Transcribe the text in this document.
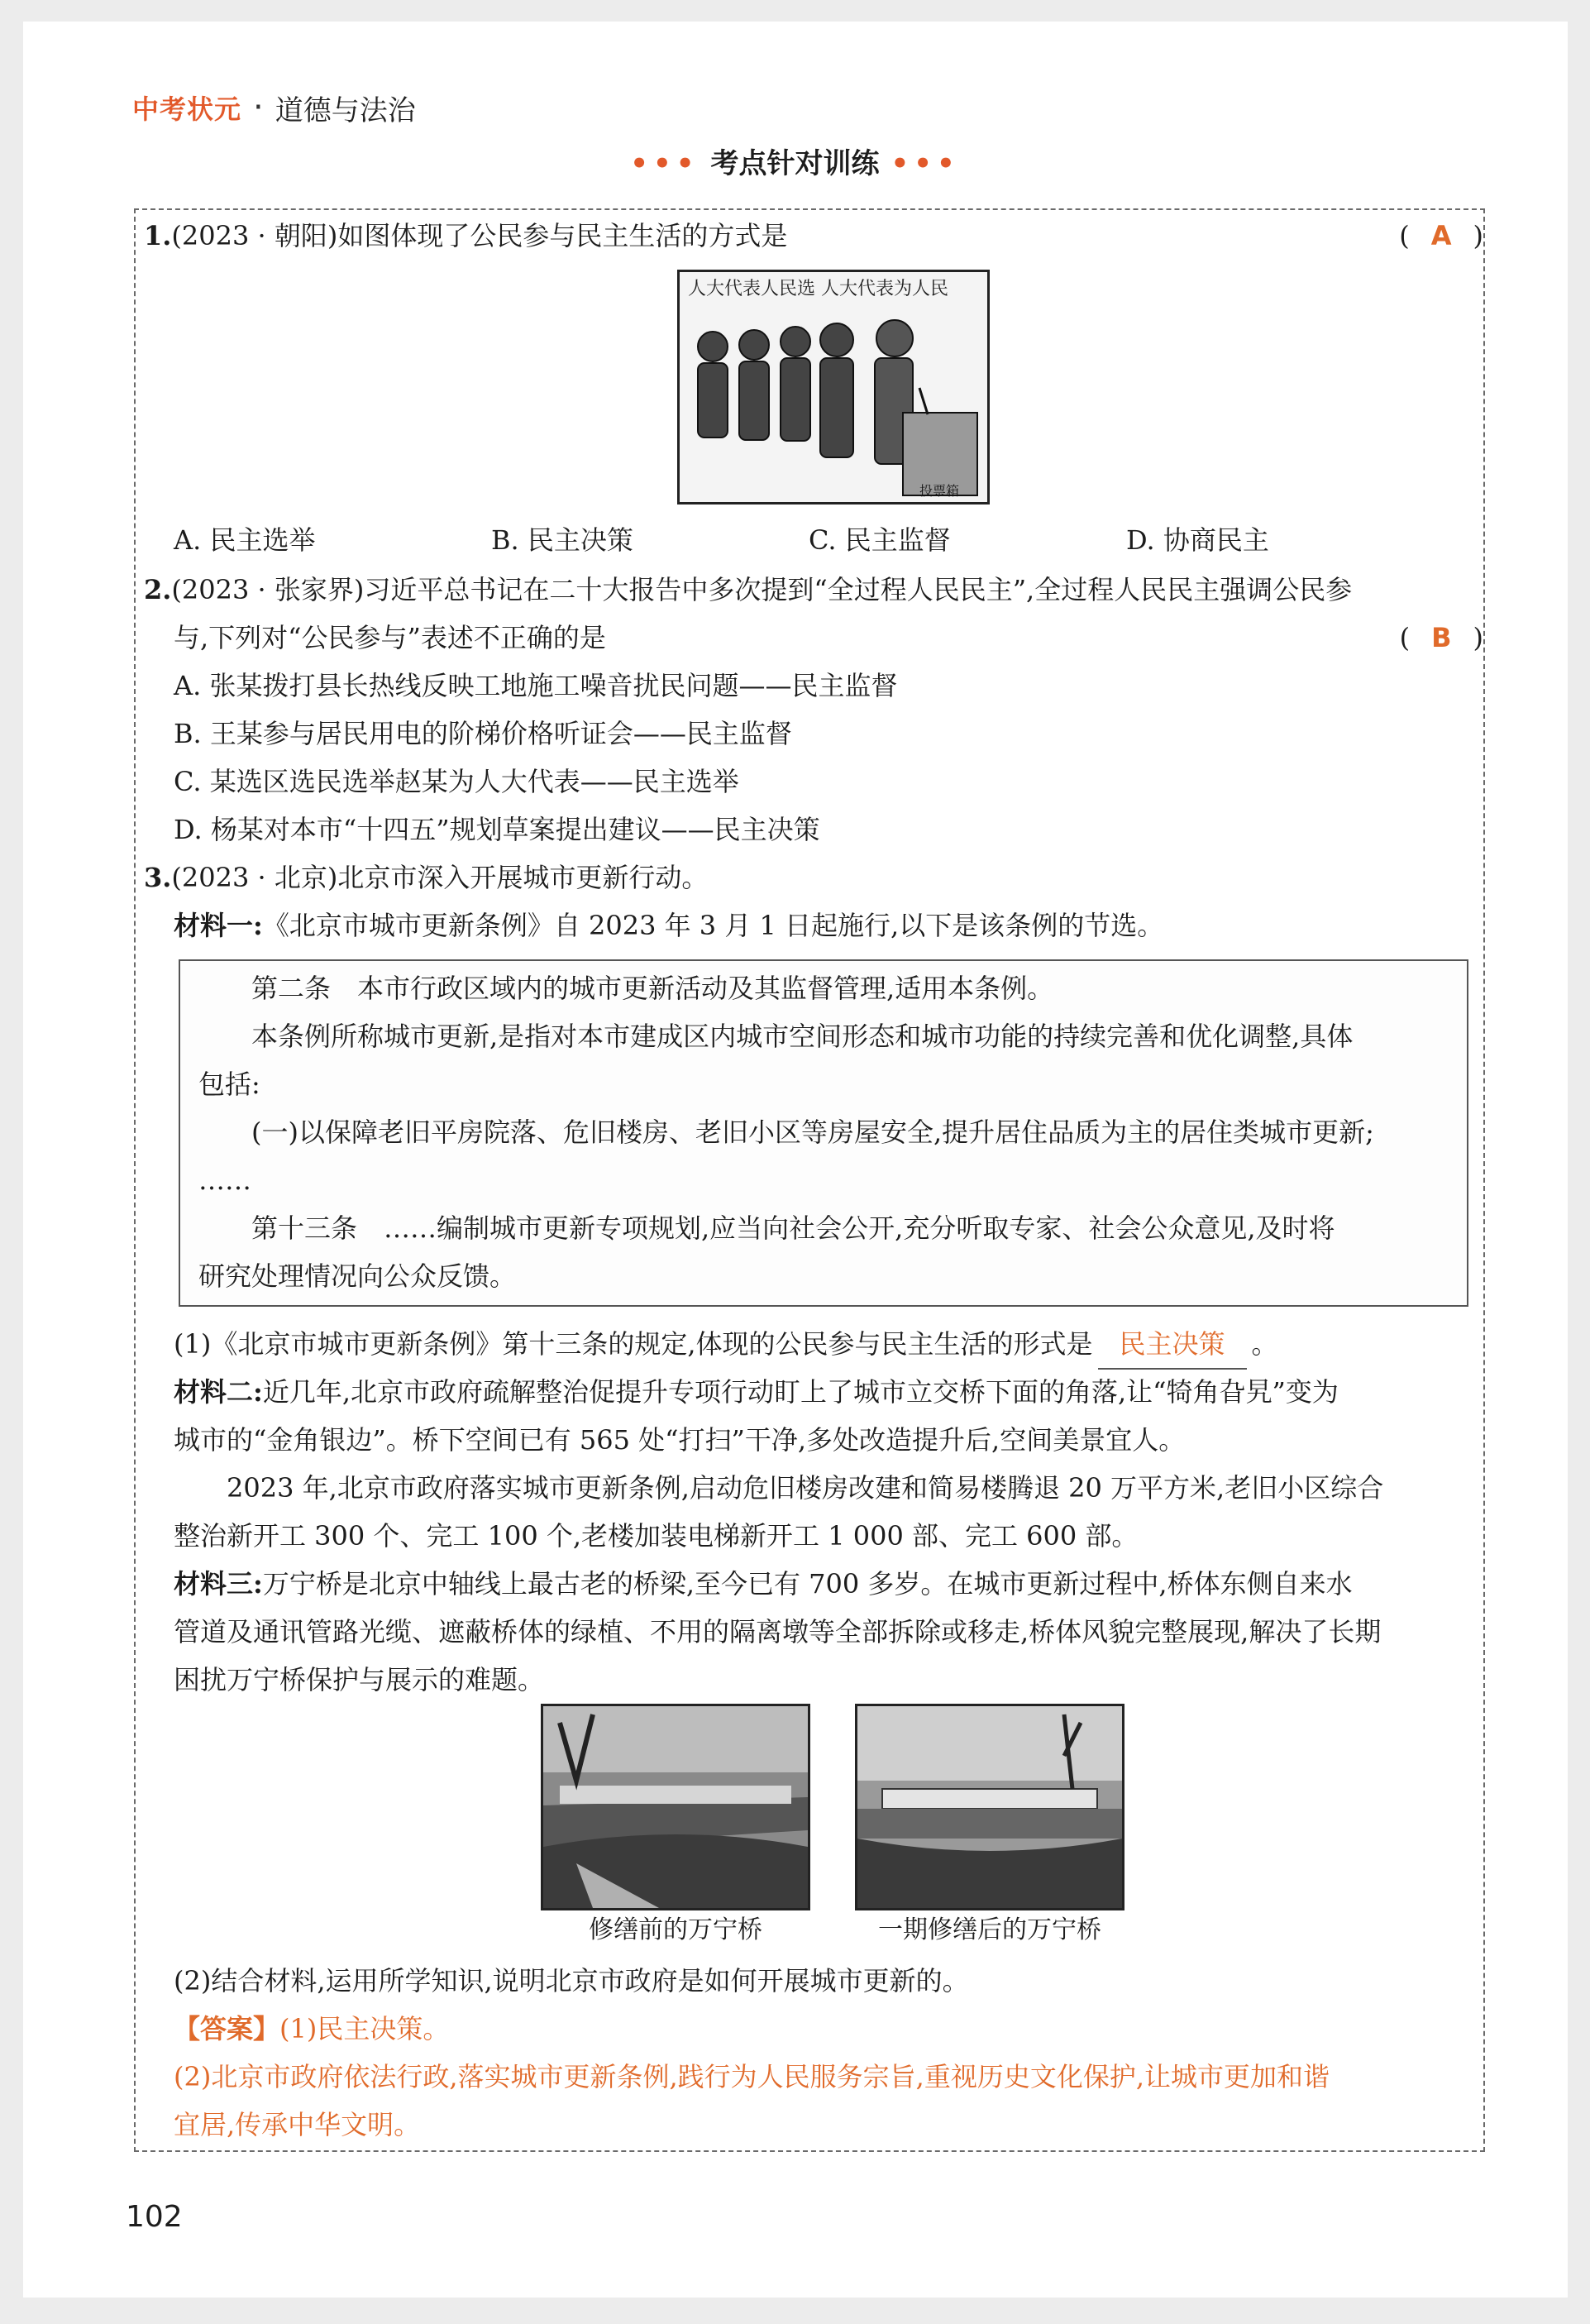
中考状元 · 道德与法治
••• 考点针对训练 •••
1.(2023 · 朝阳)如图体现了公民参与民主生活的方式是	( A )
人大代表人民选 人大代表为人民
投票箱
A. 民主选举	B. 民主决策	C. 民主监督	D. 协商民主
2.(2023 · 张家界)习近平总书记在二十大报告中多次提到“全过程人民民主”,全过程人民民主强调公民参
与,下列对“公民参与”表述不正确的是	( B )
A. 张某拨打县长热线反映工地施工噪音扰民问题——民主监督
B. 王某参与居民用电的阶梯价格听证会——民主监督
C. 某选区选民选举赵某为人大代表——民主选举
D. 杨某对本市“十四五”规划草案提出建议——民主决策
3.(2023 · 北京)北京市深入开展城市更新行动。
材料一:《北京市城市更新条例》自 2023 年 3 月 1 日起施行,以下是该条例的节选。
　　第二条　本市行政区域内的城市更新活动及其监督管理,适用本条例。
　　本条例所称城市更新,是指对本市建成区内城市空间形态和城市功能的持续完善和优化调整,具体
包括:
　　(一)以保障老旧平房院落、危旧楼房、老旧小区等房屋安全,提升居住品质为主的居住类城市更新;
……
　　第十三条　……编制城市更新专项规划,应当向社会公开,充分听取专家、社会公众意见,及时将
研究处理情况向公众反馈。
(1)《北京市城市更新条例》第十三条的规定,体现的公民参与民主生活的形式是 民主决策 。
材料二:近几年,北京市政府疏解整治促提升专项行动盯上了城市立交桥下面的角落,让“犄角旮旯”变为
城市的“金角银边”。桥下空间已有 565 处“打扫”干净,多处改造提升后,空间美景宜人。
　　2023 年,北京市政府落实城市更新条例,启动危旧楼房改建和简易楼腾退 20 万平方米,老旧小区综合
整治新开工 300 个、完工 100 个,老楼加装电梯新开工 1 000 部、完工 600 部。
材料三:万宁桥是北京中轴线上最古老的桥梁,至今已有 700 多岁。在城市更新过程中,桥体东侧自来水
管道及通讯管路光缆、遮蔽桥体的绿植、不用的隔离墩等全部拆除或移走,桥体风貌完整展现,解决了长期
困扰万宁桥保护与展示的难题。
修缮前的万宁桥	一期修缮后的万宁桥
(2)结合材料,运用所学知识,说明北京市政府是如何开展城市更新的。
【答案】(1)民主决策。
(2)北京市政府依法行政,落实城市更新条例,践行为人民服务宗旨,重视历史文化保护,让城市更加和谐
宜居,传承中华文明。
102
